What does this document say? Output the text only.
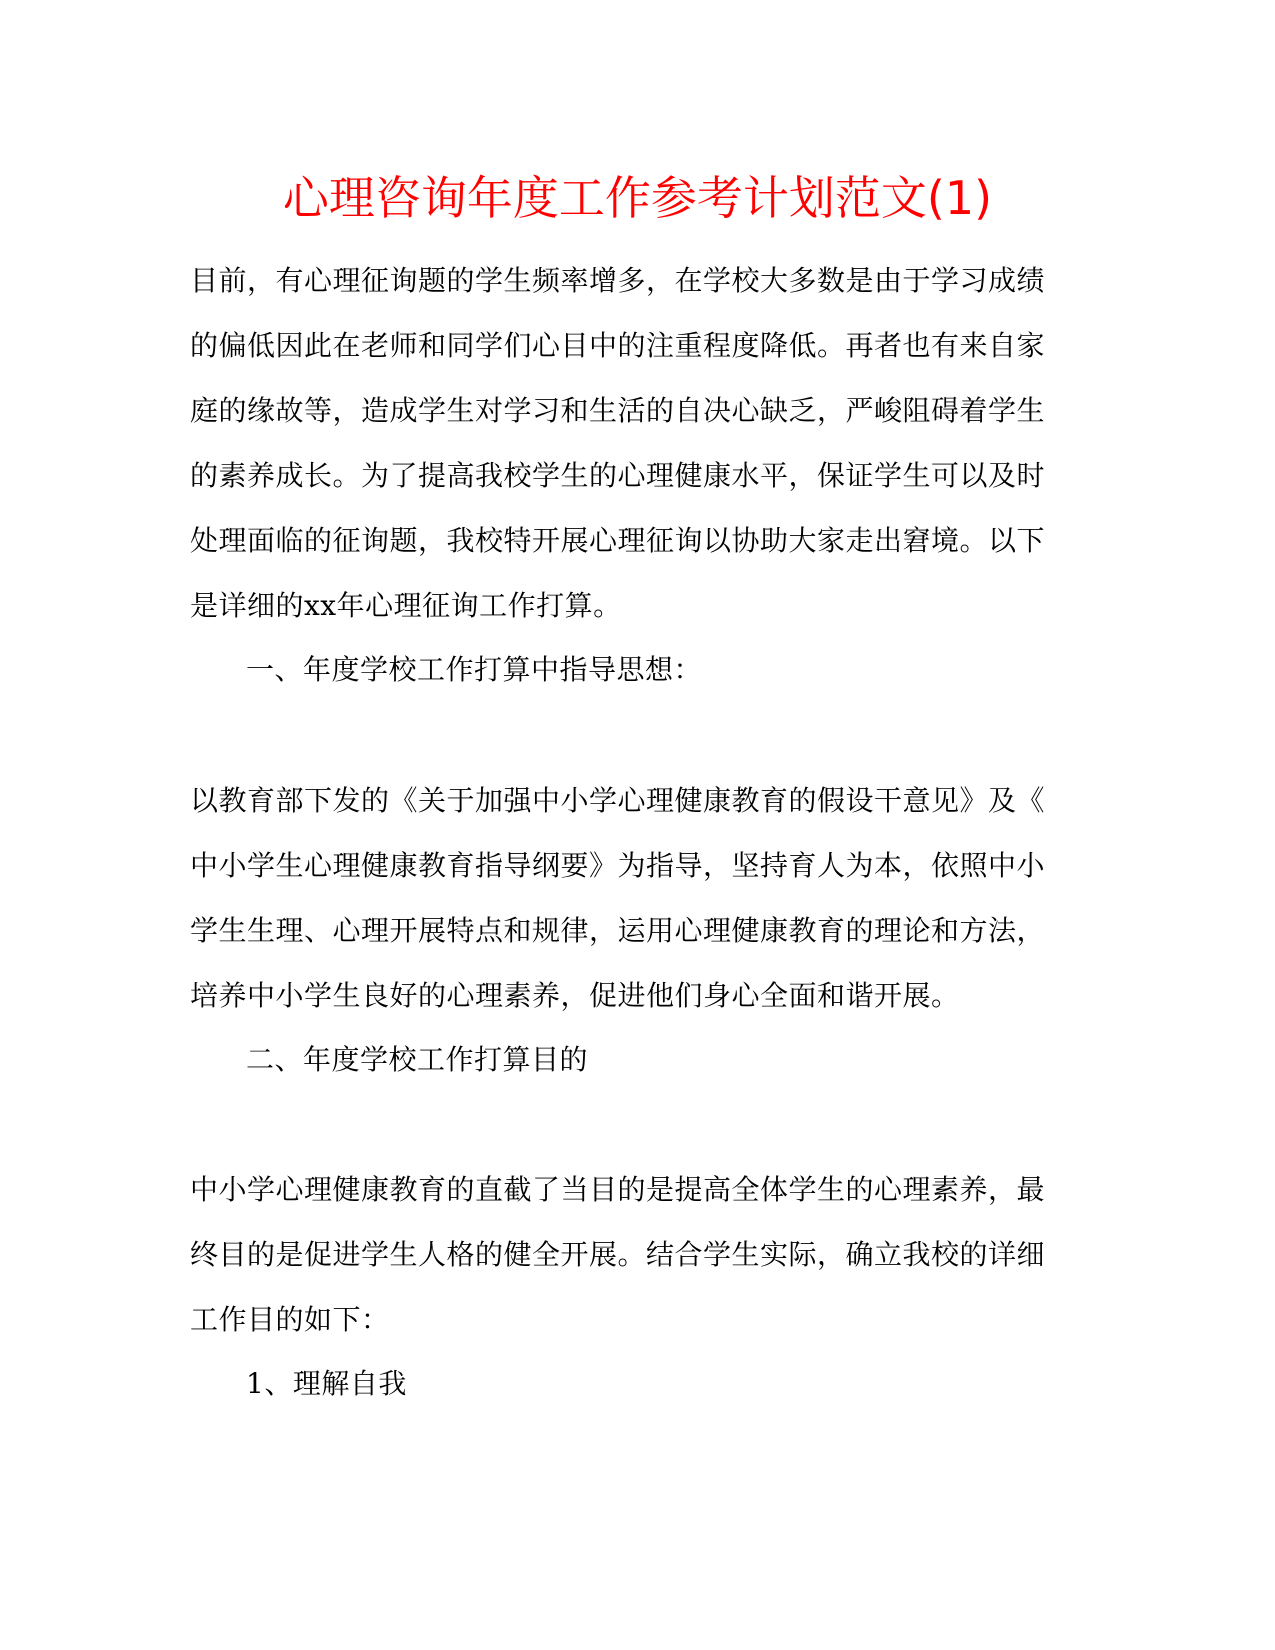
心理咨询年度工作参考计划范文(1)
目前，有心理征询题的学生频率增多，在学校大多数是由于学习成绩
的偏低因此在老师和同学们心目中的注重程度降低。再者也有来自家
庭的缘故等，造成学生对学习和生活的自决心缺乏，严峻阻碍着学生
的素养成长。为了提高我校学生的心理健康水平，保证学生可以及时
处理面临的征询题，我校特开展心理征询以协助大家走出窘境。以下
是详细的xx年心理征询工作打算。
一、年度学校工作打算中指导思想：
以教育部下发的《关于加强中小学心理健康教育的假设干意见》及《
中小学生心理健康教育指导纲要》为指导，坚持育人为本，依照中小
学生生理、心理开展特点和规律，运用心理健康教育的理论和方法，
培养中小学生良好的心理素养，促进他们身心全面和谐开展。
二、年度学校工作打算目的
中小学心理健康教育的直截了当目的是提高全体学生的心理素养，最
终目的是促进学生人格的健全开展。结合学生实际，确立我校的详细
工作目的如下：
1、理解自我
